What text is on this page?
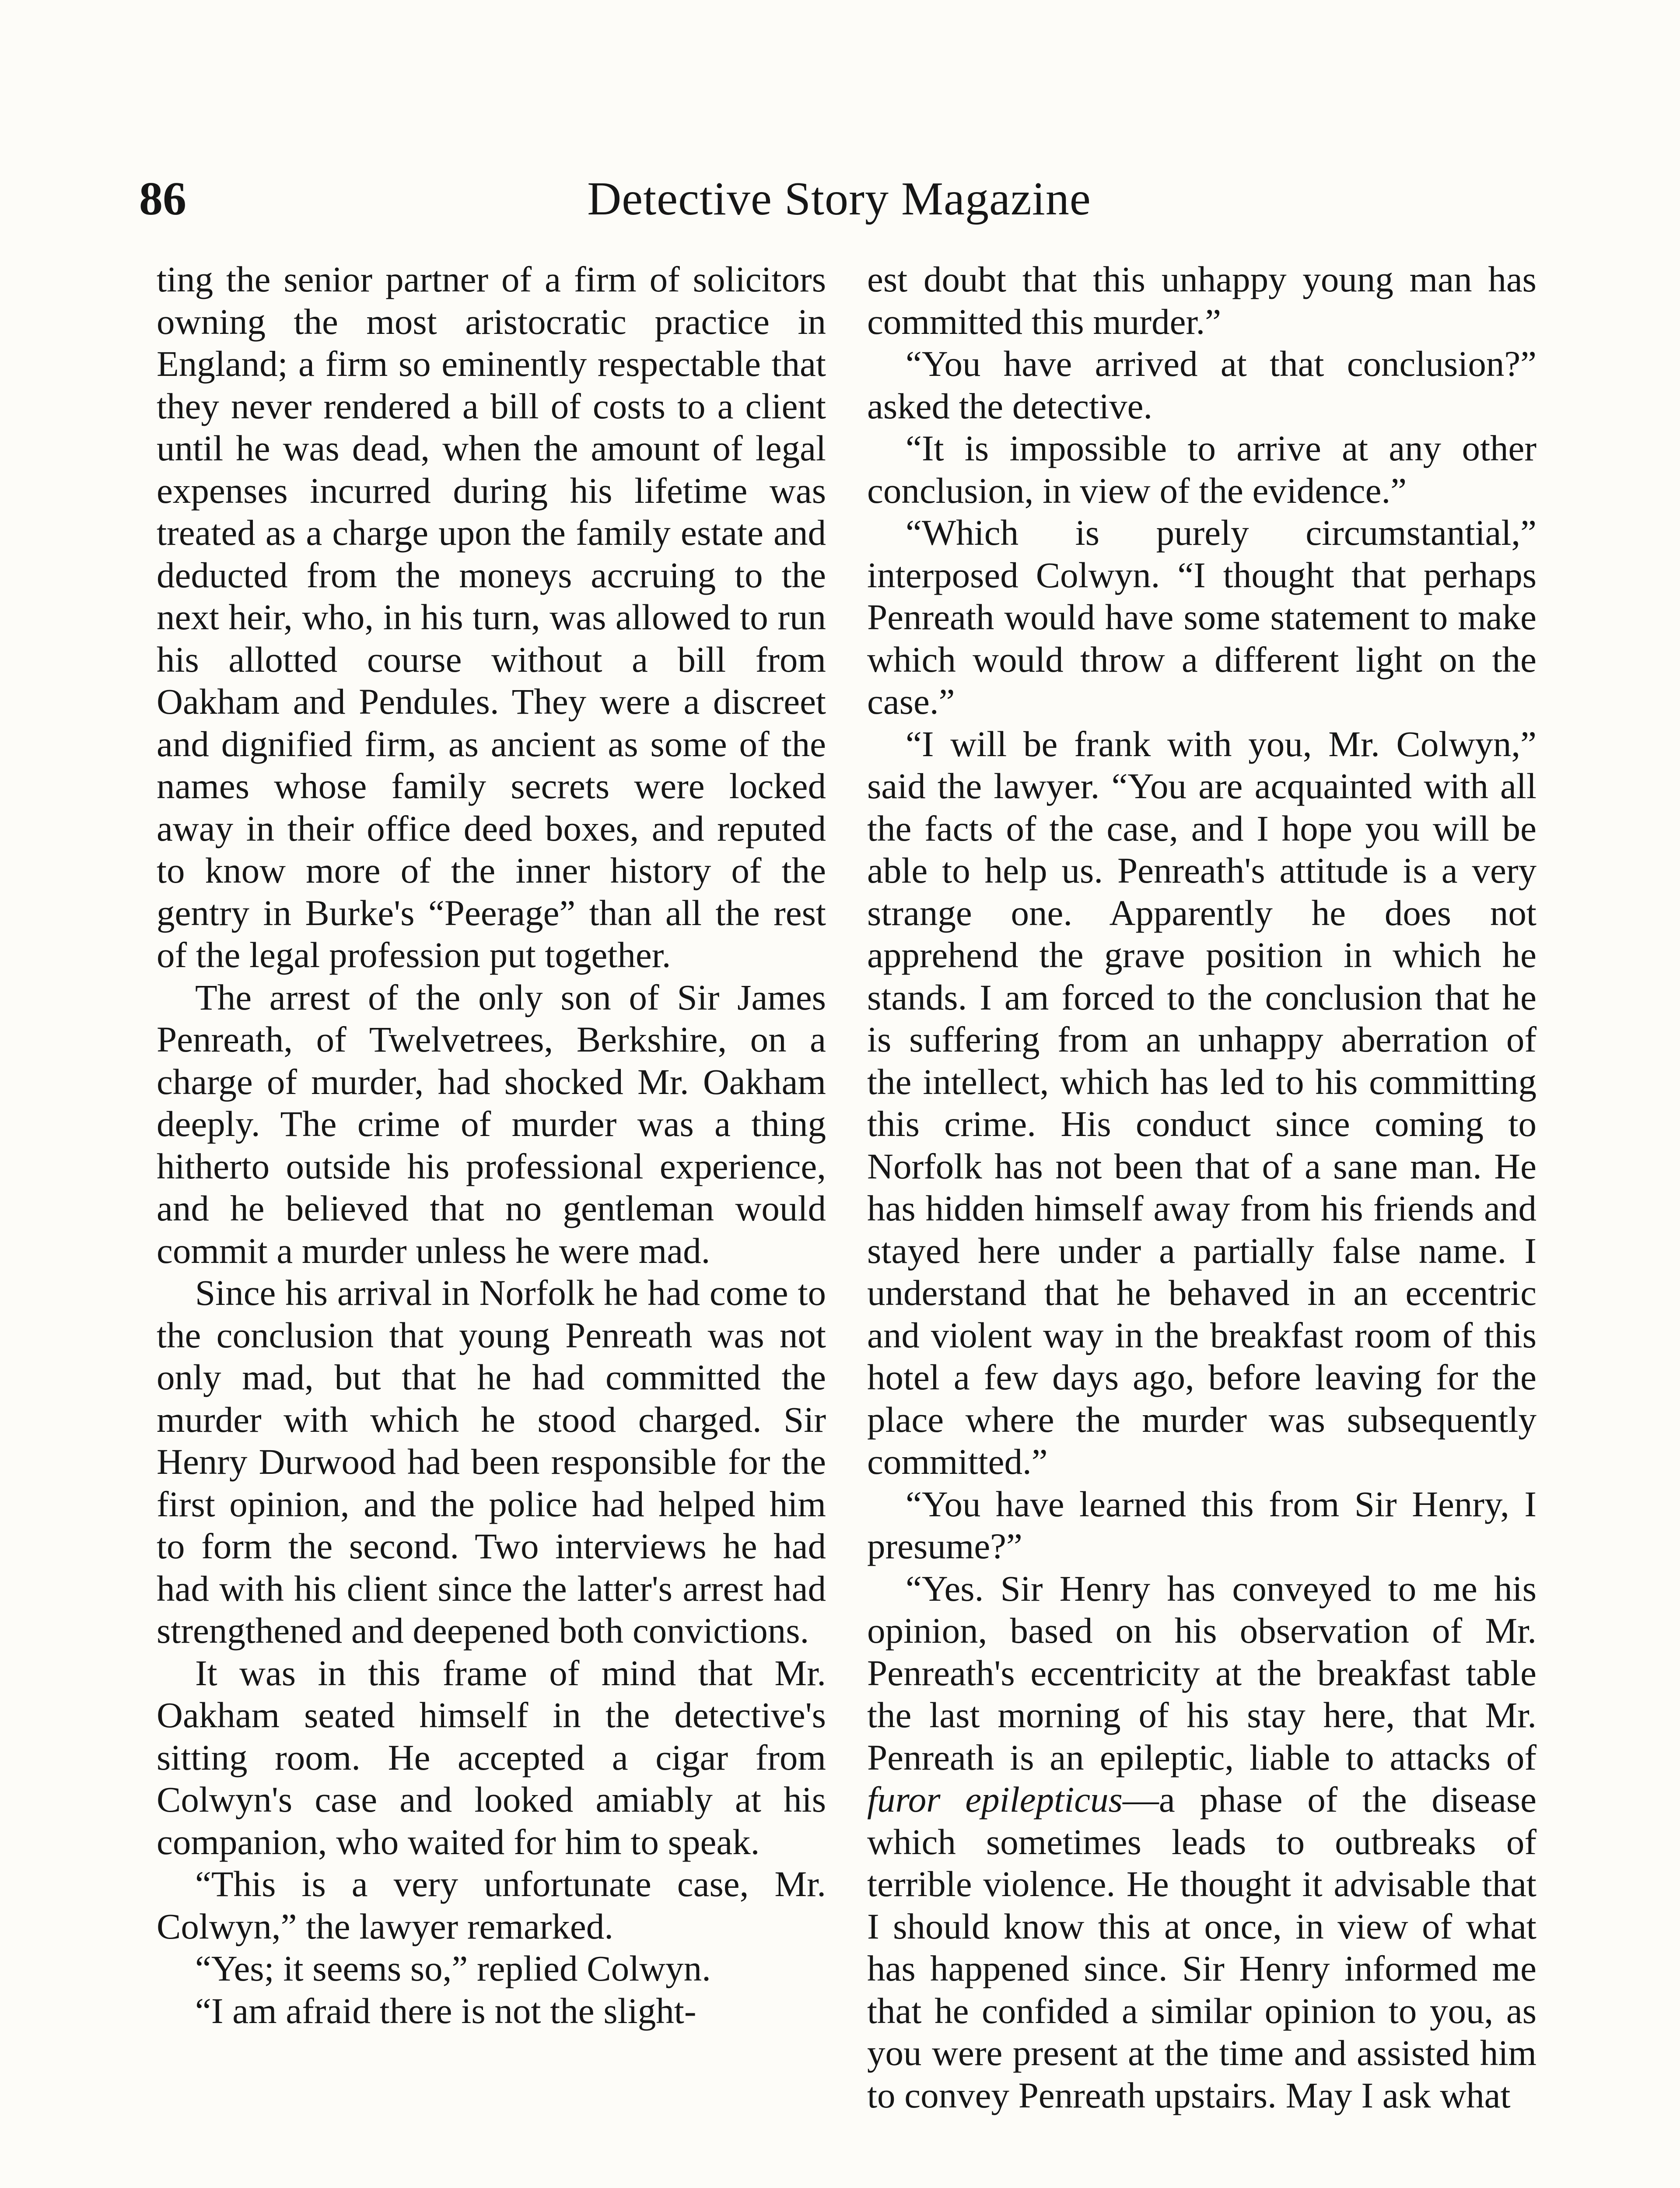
86	Detective Story Magazine

ting the senior partner of a firm of solicitors owning the most aristocratic practice in England; a firm so eminently respectable that they never rendered a bill of costs to a client until he was dead, when the amount of legal expenses incurred during his lifetime was treated as a charge upon the family estate and deducted from the moneys accruing to the next heir, who, in his turn, was allowed to run his allotted course without a bill from Oakham and Pendules. They were a discreet and dignified firm, as ancient as some of the names whose family secrets were locked away in their office deed boxes, and reputed to know more of the inner history of the gentry in Burke's “Peerage” than all the rest of the legal profession put together.

The arrest of the only son of Sir James Penreath, of Twelvetrees, Berkshire, on a charge of murder, had shocked Mr. Oakham deeply. The crime of murder was a thing hitherto outside his professional experience, and he believed that no gentleman would commit a murder unless he were mad.

Since his arrival in Norfolk he had come to the conclusion that young Penreath was not only mad, but that he had committed the murder with which he stood charged. Sir Henry Durwood had been responsible for the first opinion, and the police had helped him to form the second. Two interviews he had had with his client since the latter's arrest had strengthened and deepened both convictions.

It was in this frame of mind that Mr. Oakham seated himself in the detective's sitting room. He accepted a cigar from Colwyn's case and looked amiably at his companion, who waited for him to speak.

“This is a very unfortunate case, Mr. Colwyn,” the lawyer remarked.

“Yes; it seems so,” replied Colwyn.

“I am afraid there is not the slight-

est doubt that this unhappy young man has committed this murder.”

“You have arrived at that conclusion?” asked the detective.

“It is impossible to arrive at any other conclusion, in view of the evidence.”

“Which is purely circumstantial,” interposed Colwyn. “I thought that perhaps Penreath would have some statement to make which would throw a different light on the case.”

“I will be frank with you, Mr. Colwyn,” said the lawyer. “You are acquainted with all the facts of the case, and I hope you will be able to help us. Penreath's attitude is a very strange one. Apparently he does not apprehend the grave position in which he stands. I am forced to the conclusion that he is suffering from an unhappy aberration of the intellect, which has led to his committing this crime. His conduct since coming to Norfolk has not been that of a sane man. He has hidden himself away from his friends and stayed here under a partially false name. I understand that he behaved in an eccentric and violent way in the breakfast room of this hotel a few days ago, before leaving for the place where the murder was subsequently committed.”

“You have learned this from Sir Henry, I presume?”

“Yes. Sir Henry has conveyed to me his opinion, based on his observation of Mr. Penreath's eccentricity at the breakfast table the last morning of his stay here, that Mr. Penreath is an epileptic, liable to attacks of furor epilepticus—a phase of the disease which sometimes leads to outbreaks of terrible violence. He thought it advisable that I should know this at once, in view of what has happened since. Sir Henry informed me that he confided a similar opinion to you, as you were present at the time and assisted him to convey Penreath upstairs. May I ask what
